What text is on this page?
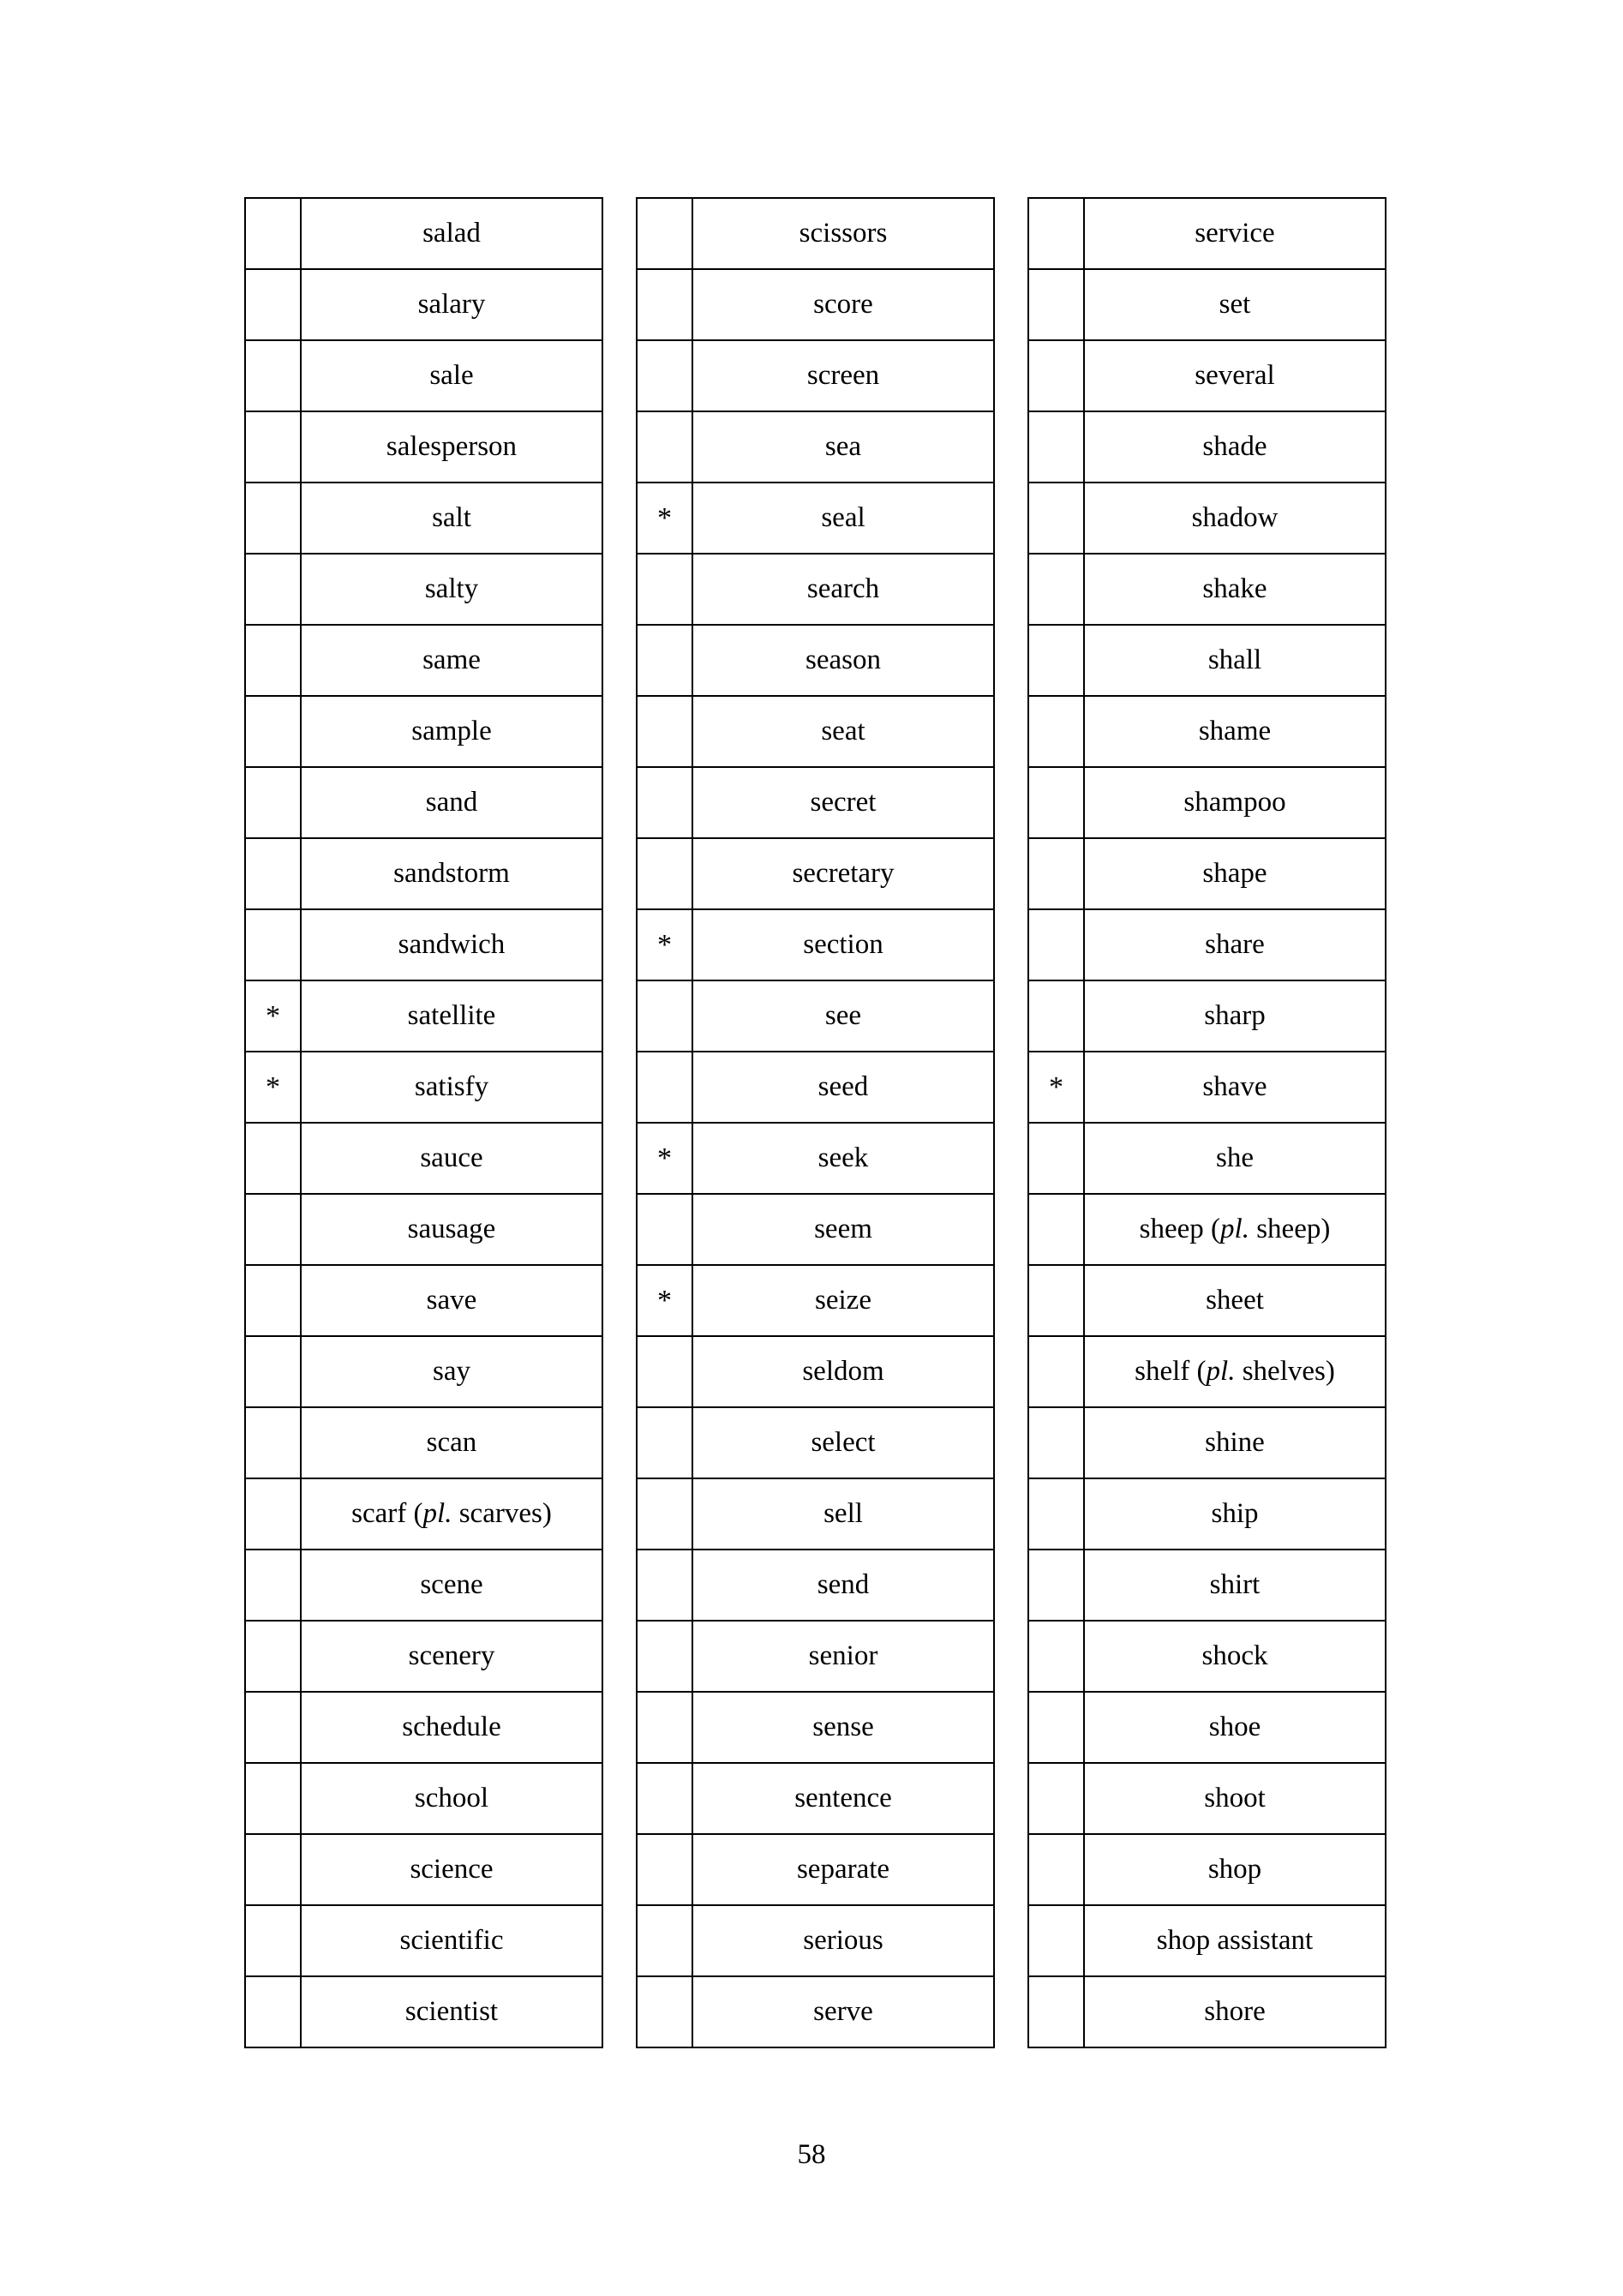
	salad
	salary
	sale
	salesperson
	salt
	salty
	same
	sample
	sand
	sandstorm
	sandwich
*	satellite
*	satisfy
	sauce
	sausage
	save
	say
	scan
	scarf (pl. scarves)
	scene
	scenery
	schedule
	school
	science
	scientific
	scientist
	scissors
	score
	screen
	sea
*	seal
	search
	season
	seat
	secret
	secretary
*	section
	see
	seed
*	seek
	seem
*	seize
	seldom
	select
	sell
	send
	senior
	sense
	sentence
	separate
	serious
	serve
	service
	set
	several
	shade
	shadow
	shake
	shall
	shame
	shampoo
	shape
	share
	sharp
*	shave
	she
	sheep (pl. sheep)
	sheet
	shelf (pl. shelves)
	shine
	ship
	shirt
	shock
	shoe
	shoot
	shop
	shop assistant
	shore
58
